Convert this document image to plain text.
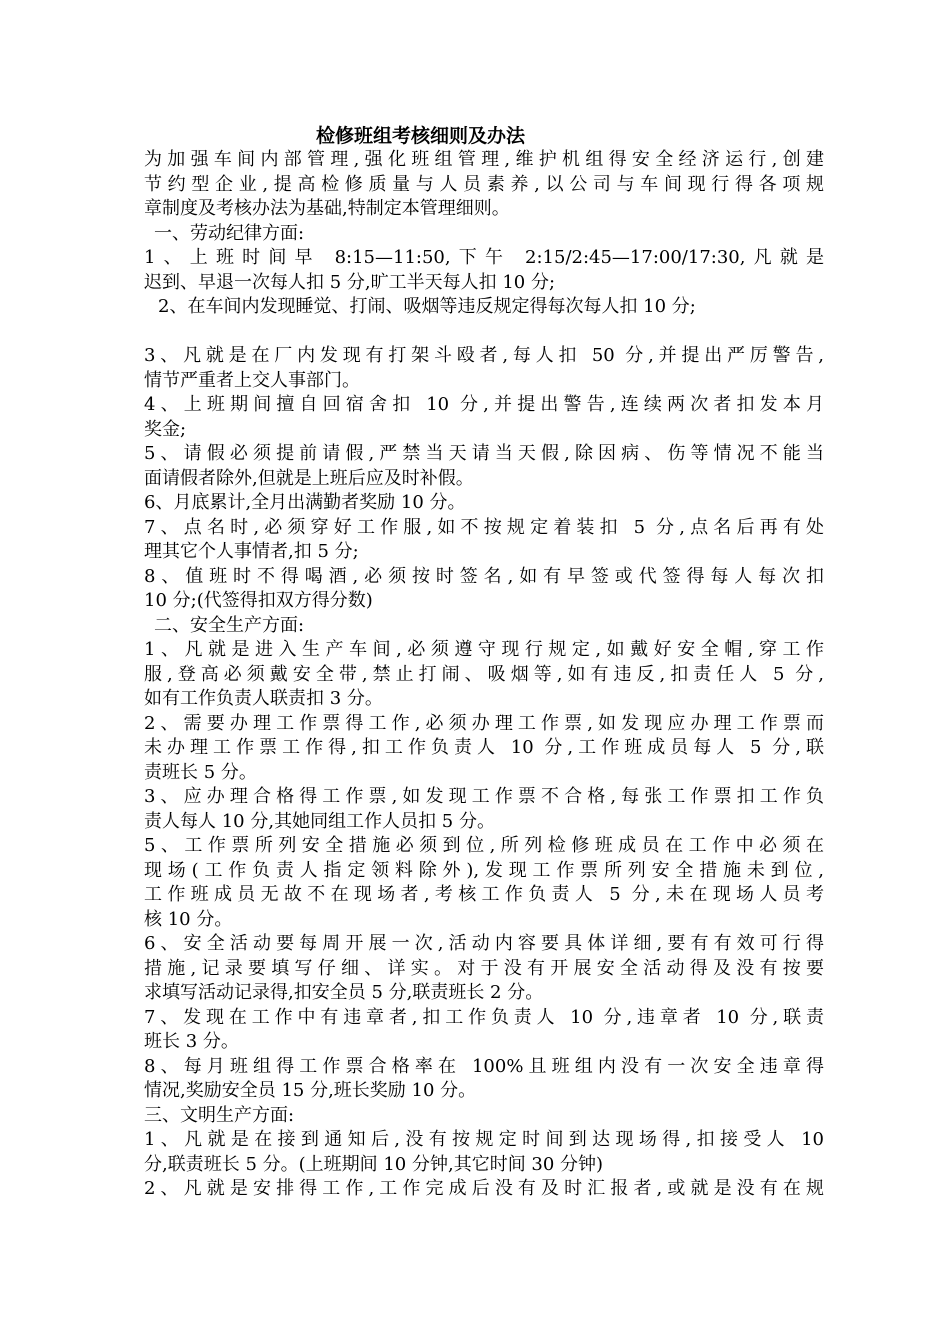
检修班组考核细则及办法
为加强车间内部管理,强化班组管理,维护机组得安全经济运行,创建
节约型企业,提高检修质量与人员素养,以公司与车间现行得各项规
章制度及考核办法为基础,特制定本管理细则。
一、劳动纪律方面:
1、上班时间早 8:15—11:50,下午 2:15/2:45—17:00/17:30,凡就是
迟到、早退一次每人扣 5 分,旷工半天每人扣 10 分;
2、在车间内发现睡觉、打闹、吸烟等违反规定得每次每人扣 10 分;
3、凡就是在厂内发现有打架斗殴者,每人扣 50 分,并提出严厉警告,
情节严重者上交人事部门。
4、上班期间擅自回宿舍扣 10 分,并提出警告,连续两次者扣发本月
奖金;
5、请假必须提前请假,严禁当天请当天假,除因病、伤等情况不能当
面请假者除外,但就是上班后应及时补假。
6、月底累计,全月出满勤者奖励 10 分。
7、点名时,必须穿好工作服,如不按规定着装扣 5 分,点名后再有处
理其它个人事情者,扣 5 分;
8、值班时不得喝酒,必须按时签名,如有早签或代签得每人每次扣
10 分;(代签得扣双方得分数)
二、安全生产方面:
1、凡就是进入生产车间,必须遵守现行规定,如戴好安全帽,穿工作
服,登高必须戴安全带,禁止打闹、吸烟等,如有违反,扣责任人 5 分,
如有工作负责人联责扣 3 分。
2、需要办理工作票得工作,必须办理工作票,如发现应办理工作票而
未办理工作票工作得,扣工作负责人 10 分,工作班成员每人 5 分,联
责班长 5 分。
3、应办理合格得工作票,如发现工作票不合格,每张工作票扣工作负
责人每人 10 分,其她同组工作人员扣 5 分。
5、工作票所列安全措施必须到位,所列检修班成员在工作中必须在
现场(工作负责人指定领料除外),发现工作票所列安全措施未到位,
工作班成员无故不在现场者,考核工作负责人 5 分,未在现场人员考
核 10 分。
6、安全活动要每周开展一次,活动内容要具体详细,要有有效可行得
措施,记录要填写仔细、详实。对于没有开展安全活动得及没有按要
求填写活动记录得,扣安全员 5 分,联责班长 2 分。
7、发现在工作中有违章者,扣工作负责人 10 分,违章者 10 分,联责
班长 3 分。
8、每月班组得工作票合格率在 100%且班组内没有一次安全违章得
情况,奖励安全员 15 分,班长奖励 10 分。
三、文明生产方面:
1、凡就是在接到通知后,没有按规定时间到达现场得,扣接受人 10
分,联责班长 5 分。(上班期间 10 分钟,其它时间 30 分钟)
2、凡就是安排得工作,工作完成后没有及时汇报者,或就是没有在规
